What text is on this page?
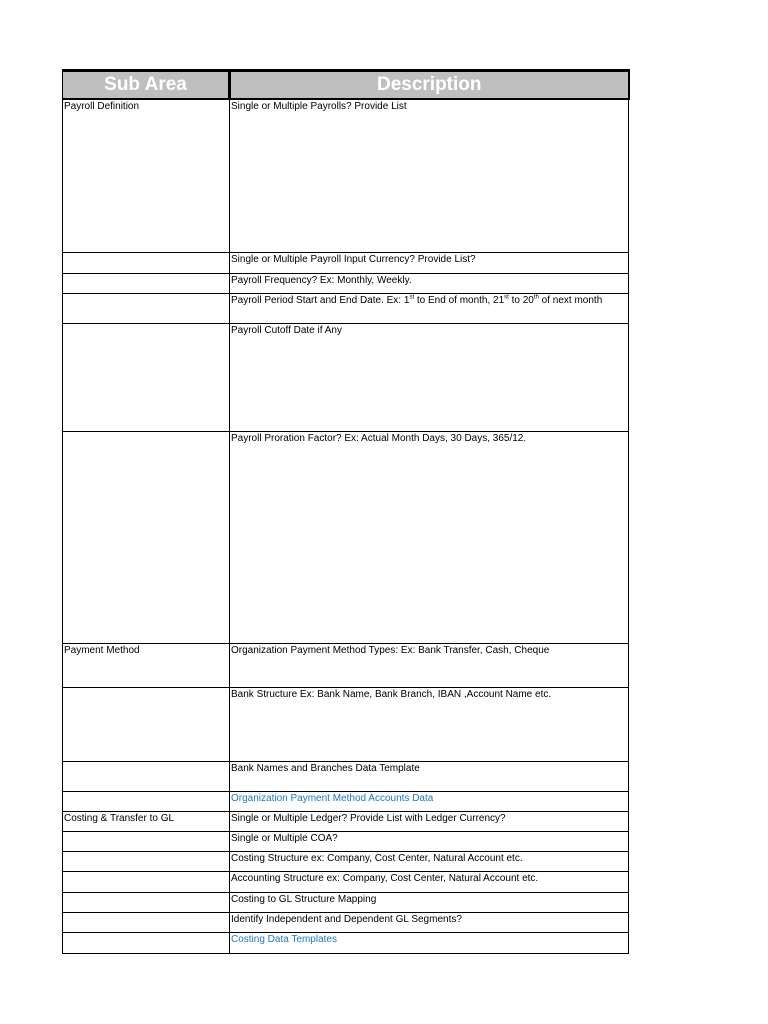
Sub Area	Description
Payroll Definition	Single or Multiple Payrolls? Provide List
	Single or Multiple Payroll Input Currency? Provide List?
	Payroll Frequency? Ex: Monthly, Weekly.
	Payroll Period Start and End Date. Ex: 1st to End of month, 21st to 20th of next month
	Payroll Cutoff Date if Any
	Payroll Proration Factor? Ex: Actual Month Days, 30 Days, 365/12.
Payment Method	Organization Payment Method Types: Ex: Bank Transfer, Cash, Cheque
	Bank Structure Ex: Bank Name, Bank Branch, IBAN ,Account Name etc.
	Bank Names and Branches Data Template
	Organization Payment Method Accounts Data
Costing & Transfer to GL	Single or Multiple Ledger? Provide List with Ledger Currency?
	Single or Multiple COA?
	Costing Structure ex: Company, Cost Center, Natural Account etc.
	Accounting Structure ex: Company, Cost Center, Natural Account etc.
	Costing to GL Structure Mapping
	Identify Independent and Dependent GL Segments?
	Costing Data Templates
